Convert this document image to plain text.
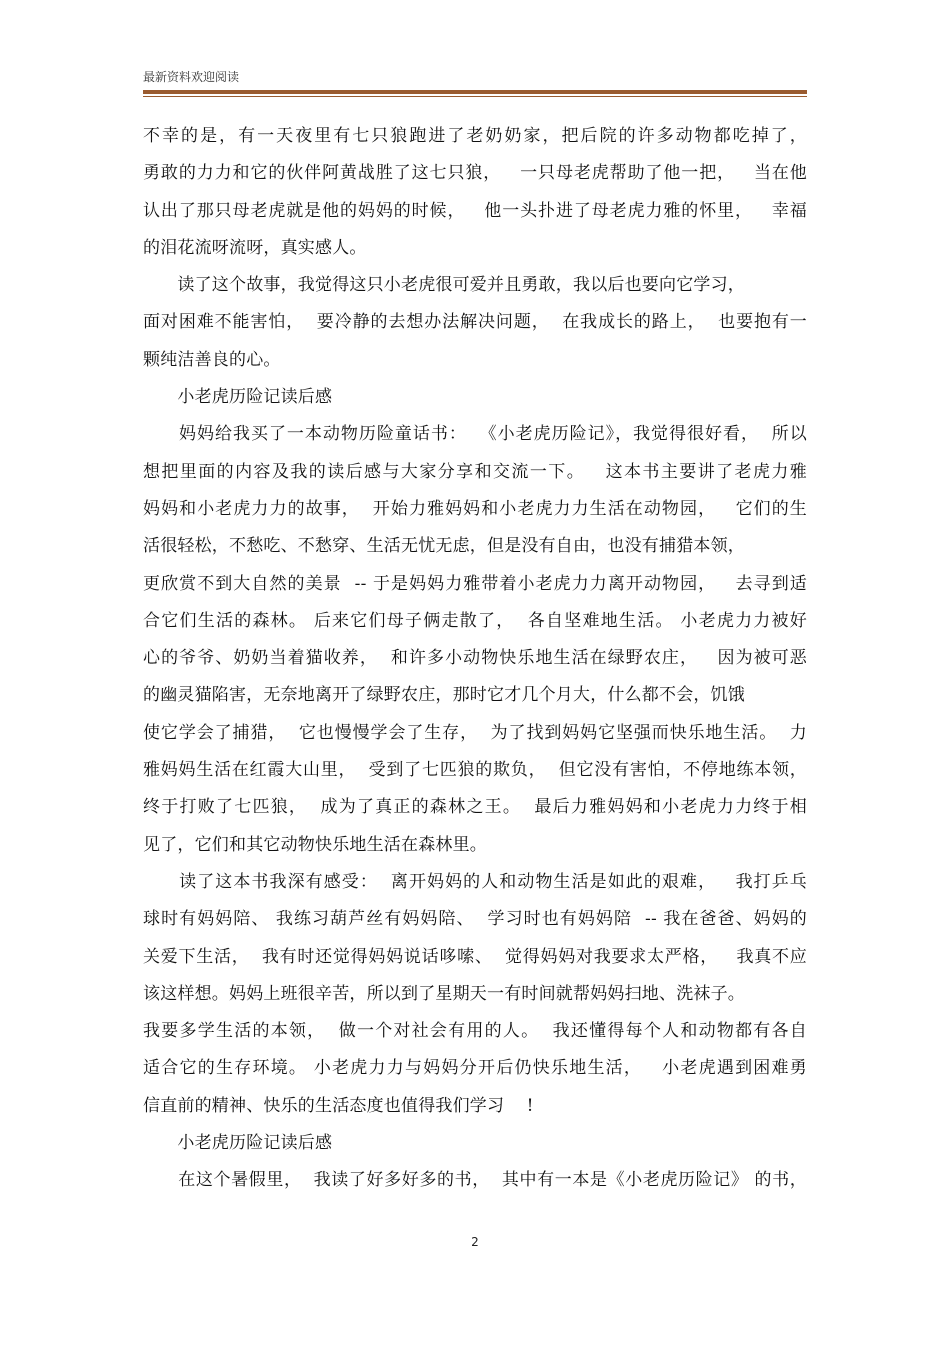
最新资料欢迎阅读
不幸的是，有一天夜里有七只狼跑进了老奶奶家，把后院的许多动物都吃掉了，
勇敢的力力和它的伙伴阿黄战胜了这七只狼，   一只母老虎帮助了他一把，   当在他
认出了那只母老虎就是他的妈妈的时候，   他一头扑进了母老虎力雅的怀里，   幸福
的泪花流呀流呀，真实感人。
　　读了这个故事，我觉得这只小老虎很可爱并且勇敢，我以后也要向它学习，
面对困难不能害怕，  要冷静的去想办法解决问题，  在我成长的路上，  也要抱有一
颗纯洁善良的心。
　　小老虎历险记读后感
　　妈妈给我买了一本动物历险童话书：  《小老虎历险记》，我觉得很好看，  所以
想把里面的内容及我的读后感与大家分享和交流一下。   这本书主要讲了老虎力雅
妈妈和小老虎力力的故事，  开始力雅妈妈和小老虎力力生活在动物园，   它们的生
活很轻松，不愁吃、不愁穿、生活无忧无虑，但是没有自由，也没有捕猎本领，
更欣赏不到大自然的美景  -- 于是妈妈力雅带着小老虎力力离开动物园，   去寻到适
合它们生活的森林。 后来它们母子俩走散了，  各自坚难地生活。 小老虎力力被好
心的爷爷、奶奶当着猫收养，  和许多小动物快乐地生活在绿野农庄，   因为被可恶
的幽灵猫陷害，无奈地离开了绿野农庄，那时它才几个月大，什么都不会，饥饿
使它学会了捕猎，  它也慢慢学会了生存，  为了找到妈妈它坚强而快乐地生活。  力
雅妈妈生活在红霞大山里，  受到了七匹狼的欺负，  但它没有害怕，不停地练本领，
终于打败了七匹狼，  成为了真正的森林之王。  最后力雅妈妈和小老虎力力终于相
见了，它们和其它动物快乐地生活在森林里。
　　读了这本书我深有感受：  离开妈妈的人和动物生活是如此的艰难，   我打乒乓
球时有妈妈陪、 我练习葫芦丝有妈妈陪、  学习时也有妈妈陪  -- 我在爸爸、妈妈的
关爱下生活，  我有时还觉得妈妈说话哆嗦、  觉得妈妈对我要求太严格，   我真不应
该这样想。妈妈上班很辛苦，所以到了星期天一有时间就帮妈妈扫地、洗袜子。
我要多学生活的本领，  做一个对社会有用的人。  我还懂得每个人和动物都有各自
适合它的生存环境。 小老虎力力与妈妈分开后仍快乐地生活，   小老虎遇到困难勇
信直前的精神、快乐的生活态度也值得我们学习    !
　　小老虎历险记读后感
　　在这个暑假里，  我读了好多好多的书，  其中有一本是《小老虎历险记》 的书，
2
